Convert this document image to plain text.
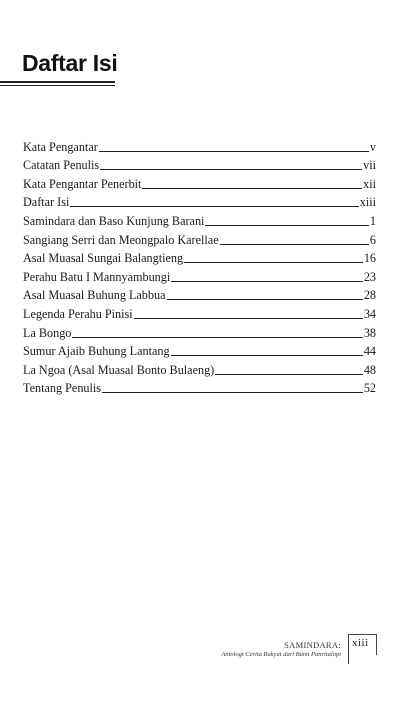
Daftar Isi
Kata Pengantar	v
Catatan Penulis	vii
Kata Pengantar Penerbit	xii
Daftar Isi	xiii
Samindara dan Baso Kunjung Barani	1
Sangiang Serri dan Meongpalo Karellae	6
Asal Muasal Sungai Balangtieng	16
Perahu Batu I Mannyambungi	23
Asal Muasal Buhung Labbua	28
Legenda Perahu Pinisi	34
La Bongo	38
Sumur Ajaib Buhung Lantang	44
La Ngoa (Asal Muasal Bonto Bulaeng)	48
Tentang Penulis	52
SAMINDARA:
Antologi Cerita Rakyat dari Bumi Panritalopi
xiii
